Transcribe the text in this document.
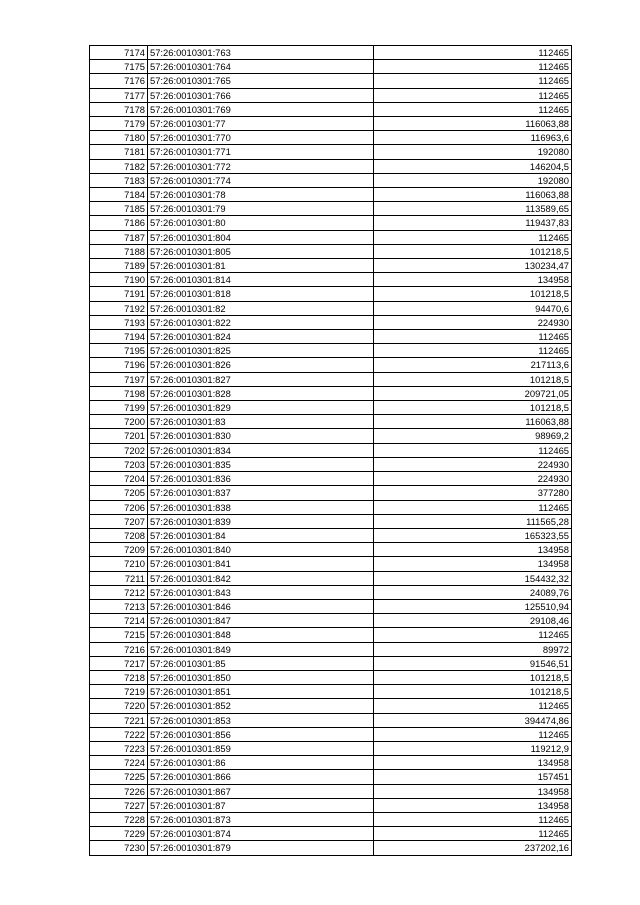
7174	57:26:0010301:763	112465
7175	57:26:0010301:764	112465
7176	57:26:0010301:765	112465
7177	57:26:0010301:766	112465
7178	57:26:0010301:769	112465
7179	57:26:0010301:77	116063,88
7180	57:26:0010301:770	116963,6
7181	57:26:0010301:771	192080
7182	57:26:0010301:772	146204,5
7183	57:26:0010301:774	192080
7184	57:26:0010301:78	116063,88
7185	57:26:0010301:79	113589,65
7186	57:26:0010301:80	119437,83
7187	57:26:0010301:804	112465
7188	57:26:0010301:805	101218,5
7189	57:26:0010301:81	130234,47
7190	57:26:0010301:814	134958
7191	57:26:0010301:818	101218,5
7192	57:26:0010301:82	94470,6
7193	57:26:0010301:822	224930
7194	57:26:0010301:824	112465
7195	57:26:0010301:825	112465
7196	57:26:0010301:826	217113,6
7197	57:26:0010301:827	101218,5
7198	57:26:0010301:828	209721,05
7199	57:26:0010301:829	101218,5
7200	57:26:0010301:83	116063,88
7201	57:26:0010301:830	98969,2
7202	57:26:0010301:834	112465
7203	57:26:0010301:835	224930
7204	57:26:0010301:836	224930
7205	57:26:0010301:837	377280
7206	57:26:0010301:838	112465
7207	57:26:0010301:839	111565,28
7208	57:26:0010301:84	165323,55
7209	57:26:0010301:840	134958
7210	57:26:0010301:841	134958
7211	57:26:0010301:842	154432,32
7212	57:26:0010301:843	24089,76
7213	57:26:0010301:846	125510,94
7214	57:26:0010301:847	29108,46
7215	57:26:0010301:848	112465
7216	57:26:0010301:849	89972
7217	57:26:0010301:85	91546,51
7218	57:26:0010301:850	101218,5
7219	57:26:0010301:851	101218,5
7220	57:26:0010301:852	112465
7221	57:26:0010301:853	394474,86
7222	57:26:0010301:856	112465
7223	57:26:0010301:859	119212,9
7224	57:26:0010301:86	134958
7225	57:26:0010301:866	157451
7226	57:26:0010301:867	134958
7227	57:26:0010301:87	134958
7228	57:26:0010301:873	112465
7229	57:26:0010301:874	112465
7230	57:26:0010301:879	237202,16
